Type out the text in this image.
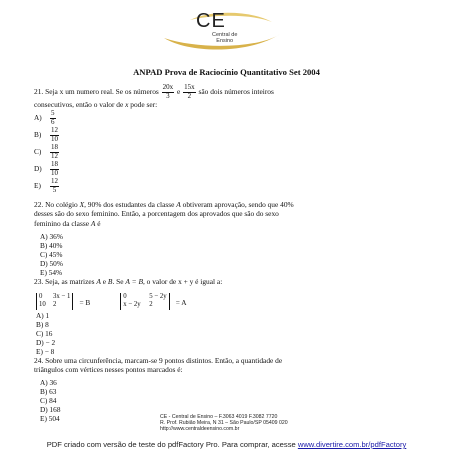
CE
Central de
Ensino
ANPAD Prova de Raciocínio Quantitativo Set 2004
21. Seja x um numero real. Se os números $\frac{20x}{3}$ e $\frac{15x}{2}$ são dois números inteiros
consecutivos, então o valor de x pode ser:
$A) \frac{5}{6}$
$B) \frac{12}{10}$
$C) \frac{18}{12}$
$D) \frac{18}{10}$
$E) \frac{12}{5}$
22. No colégio X, 90% dos estudantes da classe A obtiveram aprovação, sendo que 40%
desses são do sexo feminino. Então, a porcentagem dos aprovados que são do sexo
feminino da classe A é
A) 36%
B) 40%
C) 45%
D) 50%
E) 54%
23. Seja, as matrizes A e B. Se A = B, o valor de x + y é igual a:
0 3x − 1
10 2	= B
0	5 − 2y
x − 2y 2	= A
A) 1
B) 8
C) 16
D) − 2
E) − 8
24. Sobre uma circunferência, marcam-se 9 pontos distintos. Então, a quantidade de
triângulos com vértices nesses pontos marcados é:
A) 36
B) 63
C) 84
D) 168
E) 504	CE - Central de Ensino – F.3063 4019 F.3082 7720
R. Prof. Rubião Meira, N 31 – São Paulo/SP 05409 020
http://www.centraldeensino.com.br
PDF criado com versão de teste do pdfFactory Pro. Para comprar, acesse www.divertire.com.br/pdfFactory
